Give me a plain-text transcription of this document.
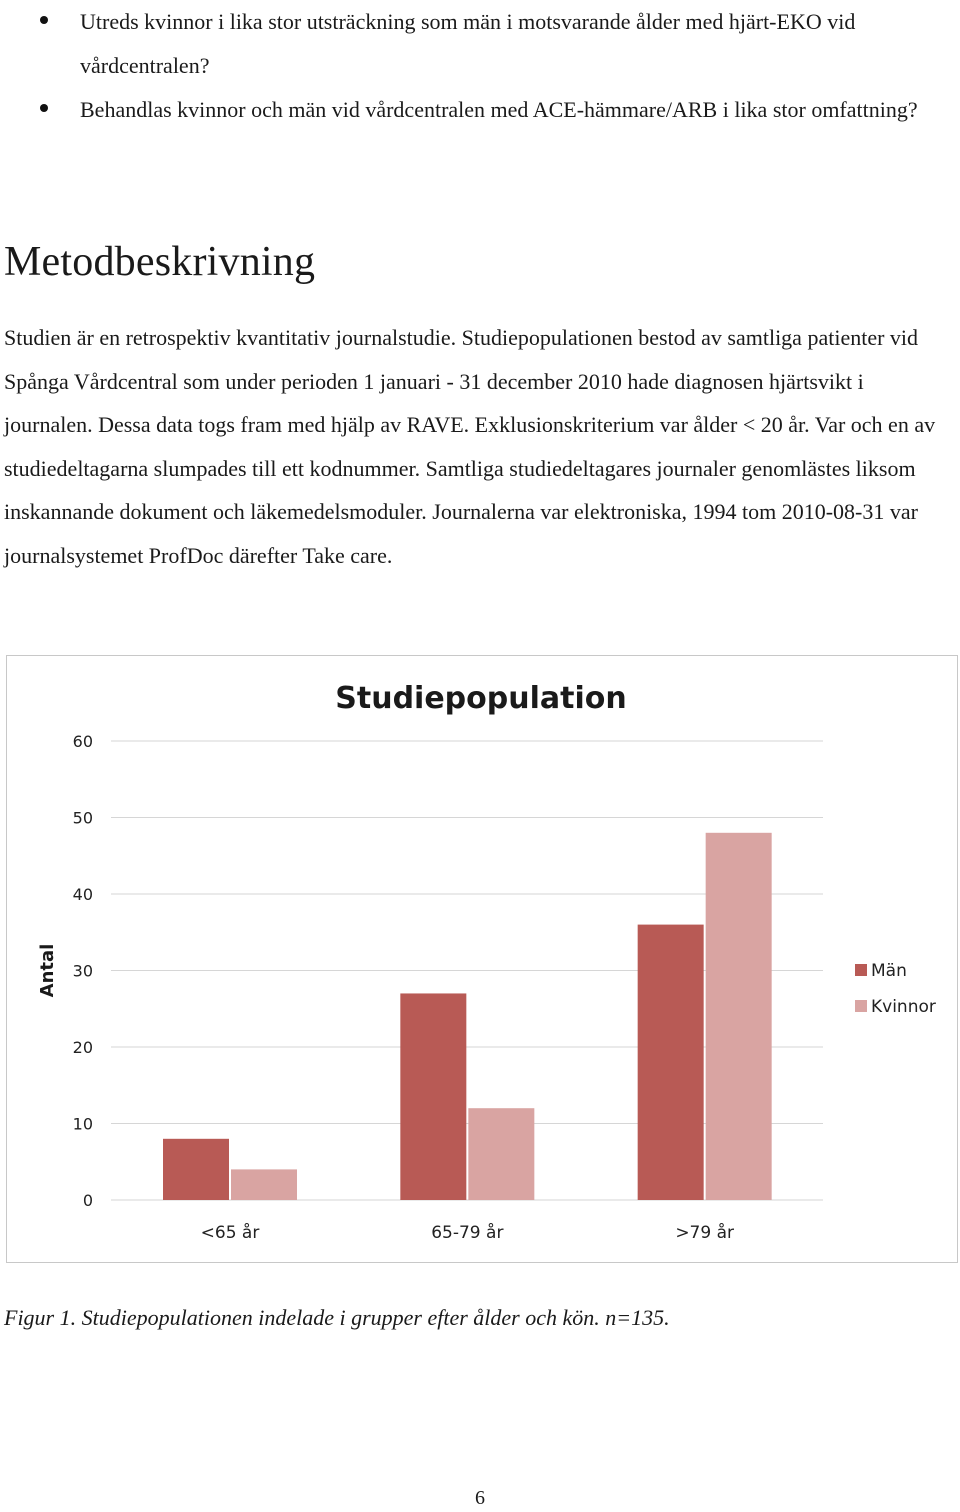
Utreds kvinnor i lika stor utsträckning som män i motsvarande ålder med hjärt-EKO vid vårdcentralen?
Behandlas kvinnor och män vid vårdcentralen med ACE-hämmare/ARB i lika stor omfattning?
Metodbeskrivning

Studien är en retrospektiv kvantitativ journalstudie. Studiepopulationen bestod av samtliga patienter vid Spånga Vårdcentral som under perioden 1 januari - 31 december 2010 hade diagnosen hjärtsvikt i journalen. Dessa data togs fram med hjälp av RAVE. Exklusionskriterium var ålder < 20 år. Var och en av studiedeltagarna slumpades till ett kodnummer. Samtliga studiedeltagares journaler genomlästes liksom inskannande dokument och läkemedelsmoduler. Journalerna var elektroniska, 1994 tom 2010-08-31 var journalsystemet ProfDoc därefter Take care.

Studiepopulation
0
10
20
30
40
50
60
Antal
<65 år	65-79 år	>79 år
Män
Kvinnor

Figur 1. Studiepopulationen indelade i grupper efter ålder och kön. n=135.

6
